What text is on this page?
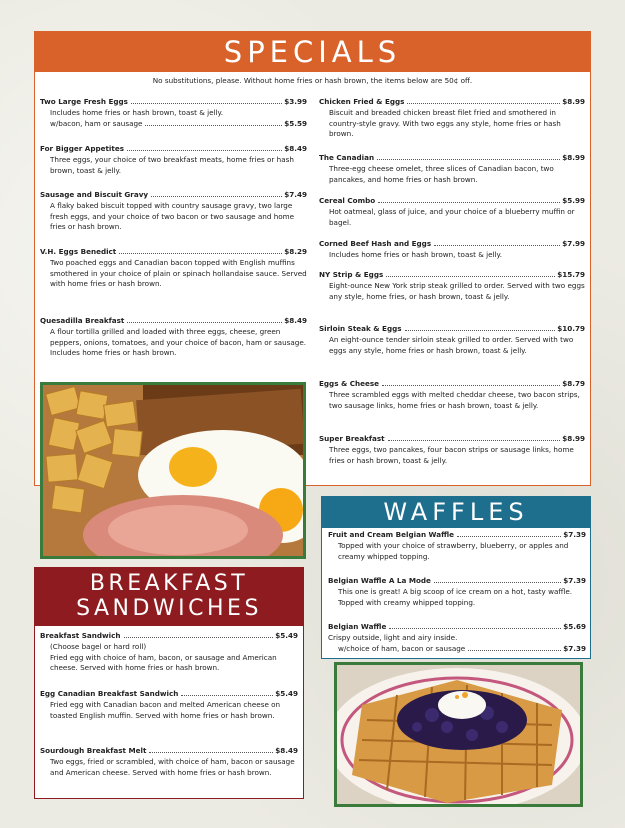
SPECIALS
No substitutions, please. Without home fries or hash brown, the items below are 50¢ off.
Two Large Fresh Eggs	$3.99
Includes home fries or hash brown, toast & jelly.
w/bacon, ham or sausage	$5.59
For Bigger Appetites	$8.49
Three eggs, your choice of two breakfast meats, home fries or hash brown, toast & jelly.
Sausage and Biscuit Gravy	$7.49
A flaky baked biscuit topped with country sausage gravy, two large fresh eggs, and your choice of two bacon or two sausage and home fries or hash brown.
V.H. Eggs Benedict	$8.29
Two poached eggs and Canadian bacon topped with English muffins smothered in your choice of plain or spinach hollandaise sauce. Served with home fries or hash brown.
Quesadilla Breakfast	$8.49
A flour tortilla grilled and loaded with three eggs, cheese, green peppers, onions, tomatoes, and your choice of bacon, ham or sausage. Includes home fries or hash brown.
Chicken Fried & Eggs	$8.99
Biscuit and breaded chicken breast filet fried and smothered in country-style gravy. With two eggs any style, home fries or hash brown.
The Canadian	$8.99
Three-egg cheese omelet, three slices of Canadian bacon, two pancakes, and home fries or hash brown.
Cereal Combo	$5.99
Hot oatmeal, glass of juice, and your choice of a blueberry muffin or bagel.
Corned Beef Hash and Eggs	$7.99
Includes home fries or hash brown, toast & jelly.
NY Strip & Eggs	$15.79
Eight-ounce New York strip steak grilled to order. Served with two eggs any style, home fries, or hash brown, toast & jelly.
Sirloin Steak & Eggs	$10.79
An eight-ounce tender sirloin steak grilled to order. Served with two eggs any style, home fries or hash brown, toast & jelly.
Eggs & Cheese	$8.79
Three scrambled eggs with melted cheddar cheese, two bacon strips, two sausage links, home fries or hash brown, toast & jelly.
Super Breakfast	$8.99
Three eggs, two pancakes, four bacon strips or sausage links, home fries or hash brown, toast & jelly.
WAFFLES
Fruit and Cream Belgian Waffle	$7.39
Topped with your choice of strawberry, blueberry, or apples and creamy whipped topping.
Belgian Waffle A La Mode	$7.39
This one is great! A big scoop of ice cream on a hot, tasty waffle. Topped with creamy whipped topping.
Belgian Waffle	$5.69
Crispy outside, light and airy inside.
w/choice of ham, bacon or sausage	$7.39
BREAKFAST
SANDWICHES
Breakfast Sandwich	$5.49
(Choose bagel or hard roll)
Fried egg with choice of ham, bacon, or sausage and American cheese. Served with home fries or hash brown.
Egg Canadian Breakfast Sandwich	$5.49
Fried egg with Canadian bacon and melted American cheese on toasted English muffin. Served with home fries or hash brown.
Sourdough Breakfast Melt	$8.49
Two eggs, fried or scrambled, with choice of ham, bacon or sausage and American cheese. Served with home fries or hash brown.
